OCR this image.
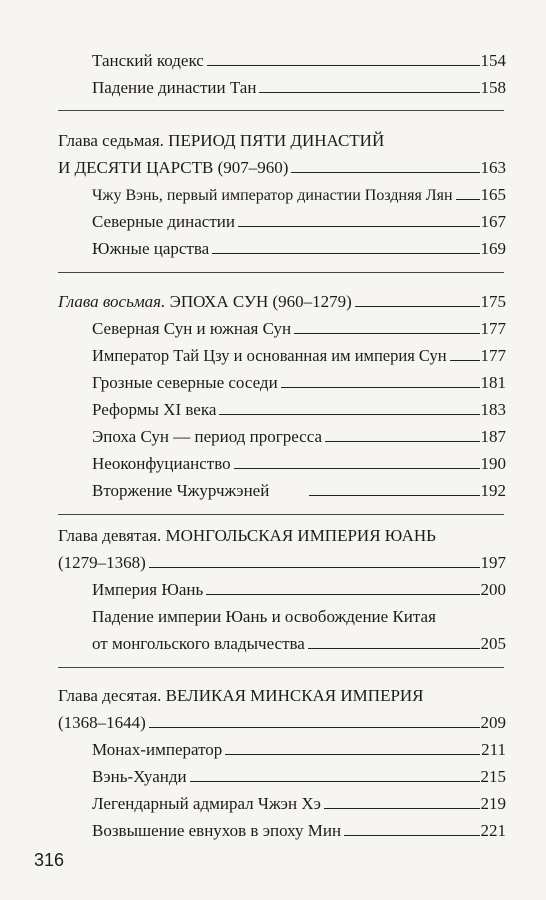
Танский кодекс	154
Падение династии Тан	158
Глава седьмая. ПЕРИОД ПЯТИ ДИНАСТИЙ
И ДЕСЯТИ ЦАРСТВ (907–960)	163
Чжу Вэнь, первый император династии Поздняя Лян 165
Северные династии	167
Южные царства	169
Глава восьмая. ЭПОХА СУН (960–1279)	175
Северная Сун и южная Сун	177
Император Тай Цзу и основанная им империя Сун 177
Грозные северные соседи	181
Реформы XI века	183
Эпоха Сун — период прогресса	187
Неоконфуцианство	190
Вторжение Чжурчжэней	192
Глава девятая. МОНГОЛЬСКАЯ ИМПЕРИЯ ЮАНЬ
(1279–1368)	197
Империя Юань	200
Падение империи Юань и освобождение Китая
от монгольского владычества	205
Глава десятая. ВЕЛИКАЯ МИНСКАЯ ИМПЕРИЯ
(1368–1644)	209
Монах-император	211
Вэнь-Хуанди	215
Легендарный адмирал Чжэн Хэ	219
Возвышение евнухов в эпоху Мин	221
316
